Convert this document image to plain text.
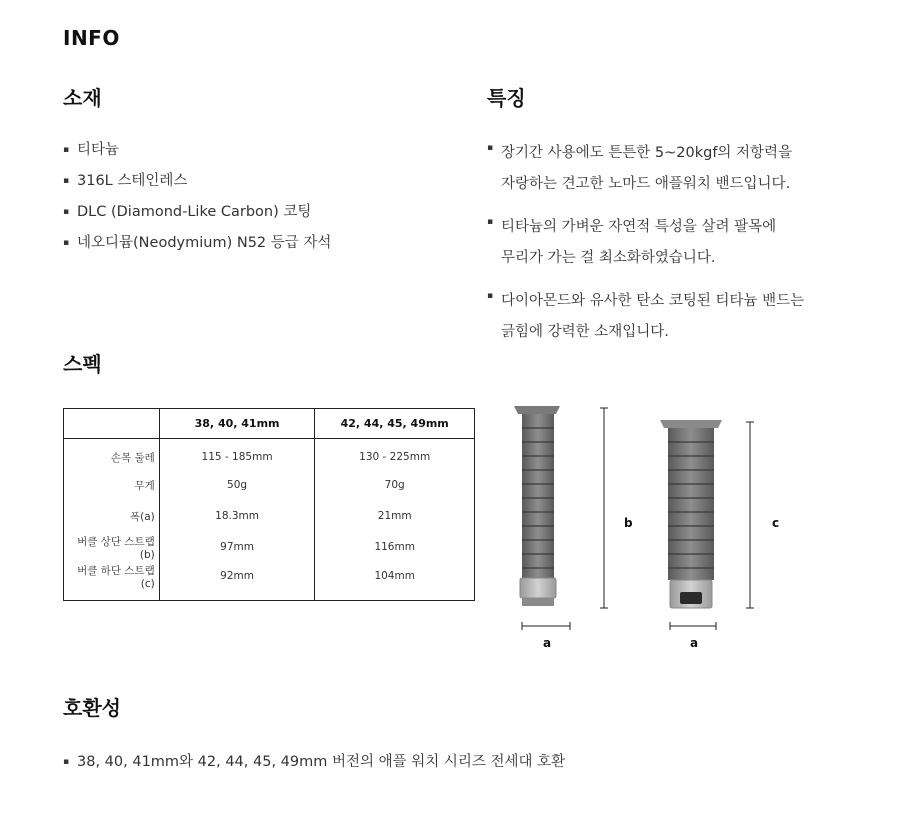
INFO
소재
▪ 티타늄
▪ 316L 스테인레스
▪ DLC (Diamond-Like Carbon) 코팅
▪ 네오디뮴(Neodymium) N52 등급 자석
특징
▪ 장기간 사용에도 튼튼한 5~20kgf의 저항력을
자랑하는 견고한 노마드 애플워치 밴드입니다.
▪ 티타늄의 가벼운 자연적 특성을 살려 팔목에
무리가 가는 걸 최소화하였습니다.
▪ 다이아몬드와 유사한 탄소 코팅된 티타늄 밴드는
긁힘에 강력한 소재입니다.
스펙
	38, 40, 41mm	42, 44, 45, 49mm
손목 둘레	115 - 185mm	130 - 225mm
무게	50g	70g
폭(a)	18.3mm	21mm
버클 상단 스트랩(b)	97mm	116mm
버클 하단 스트랩(c)	92mm	104mm
a	a
b	c
호환성
▪ 38, 40, 41mm와 42, 44, 45, 49mm 버전의 애플 워치 시리즈 전세대 호환
